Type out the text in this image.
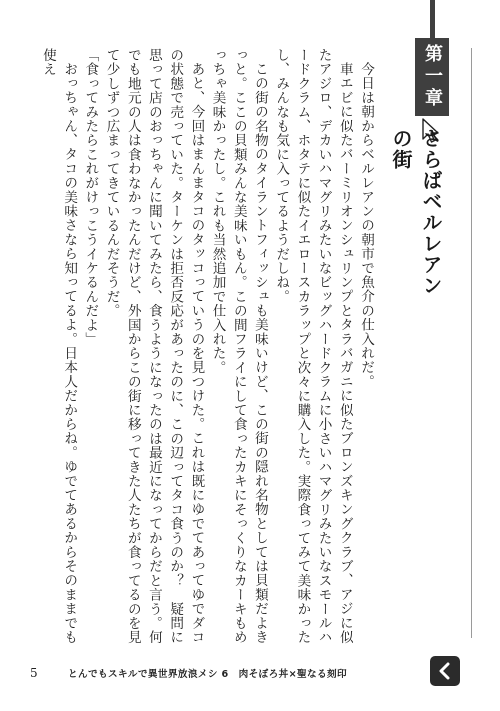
第一章
さらばベルレアンの街

今日は朝からベルレアンの朝市で魚介の仕入れだ。

車エビに似たバーミリオンシュリンプとタラバガニに似たブロンズキングクラブ、アジに似たアジロ、デカいハマグリみたいなビッグハードクラムに小さいハマグリみたいなスモールハードクラム、ホタテに似たイエロースカラップと次々に購入した。実際食ってみて美味かったし、みんなも気に入ってるようだしね。

この街の名物のタイラントフィッシュも美味いけど、この街の隠れ名物としては貝類だよきっと。ここの貝類みんな美味いもん。この間フライにして食ったカキにそっくりなカーキもめっちゃ美味かったし。これも当然追加で仕入れた。

あと、今回はまんまタコのタッコっていうのを見つけた。これは既にゆでてあってゆでダコの状態で売っていた。ターケンは拒否反応があったのに、この辺ってタコ食うのか？　疑問に思って店のおっちゃんに聞いてみたら、食うようになったのは最近になってからだと言う。何でも地元の人は食わなかったんだけど、外国からこの街に移ってきた人たちが食ってるのを見て少しずつ広まってきているんだそうだ。

「食ってみたらこれがけっこうイケるんだよ」

おっちゃん、タコの美味さなら知ってるよ。日本人だからね。ゆでてあるからそのままでも使え

5	とんでもスキルで異世界放浪メシ 6　肉そぼろ丼×聖なる刻印
